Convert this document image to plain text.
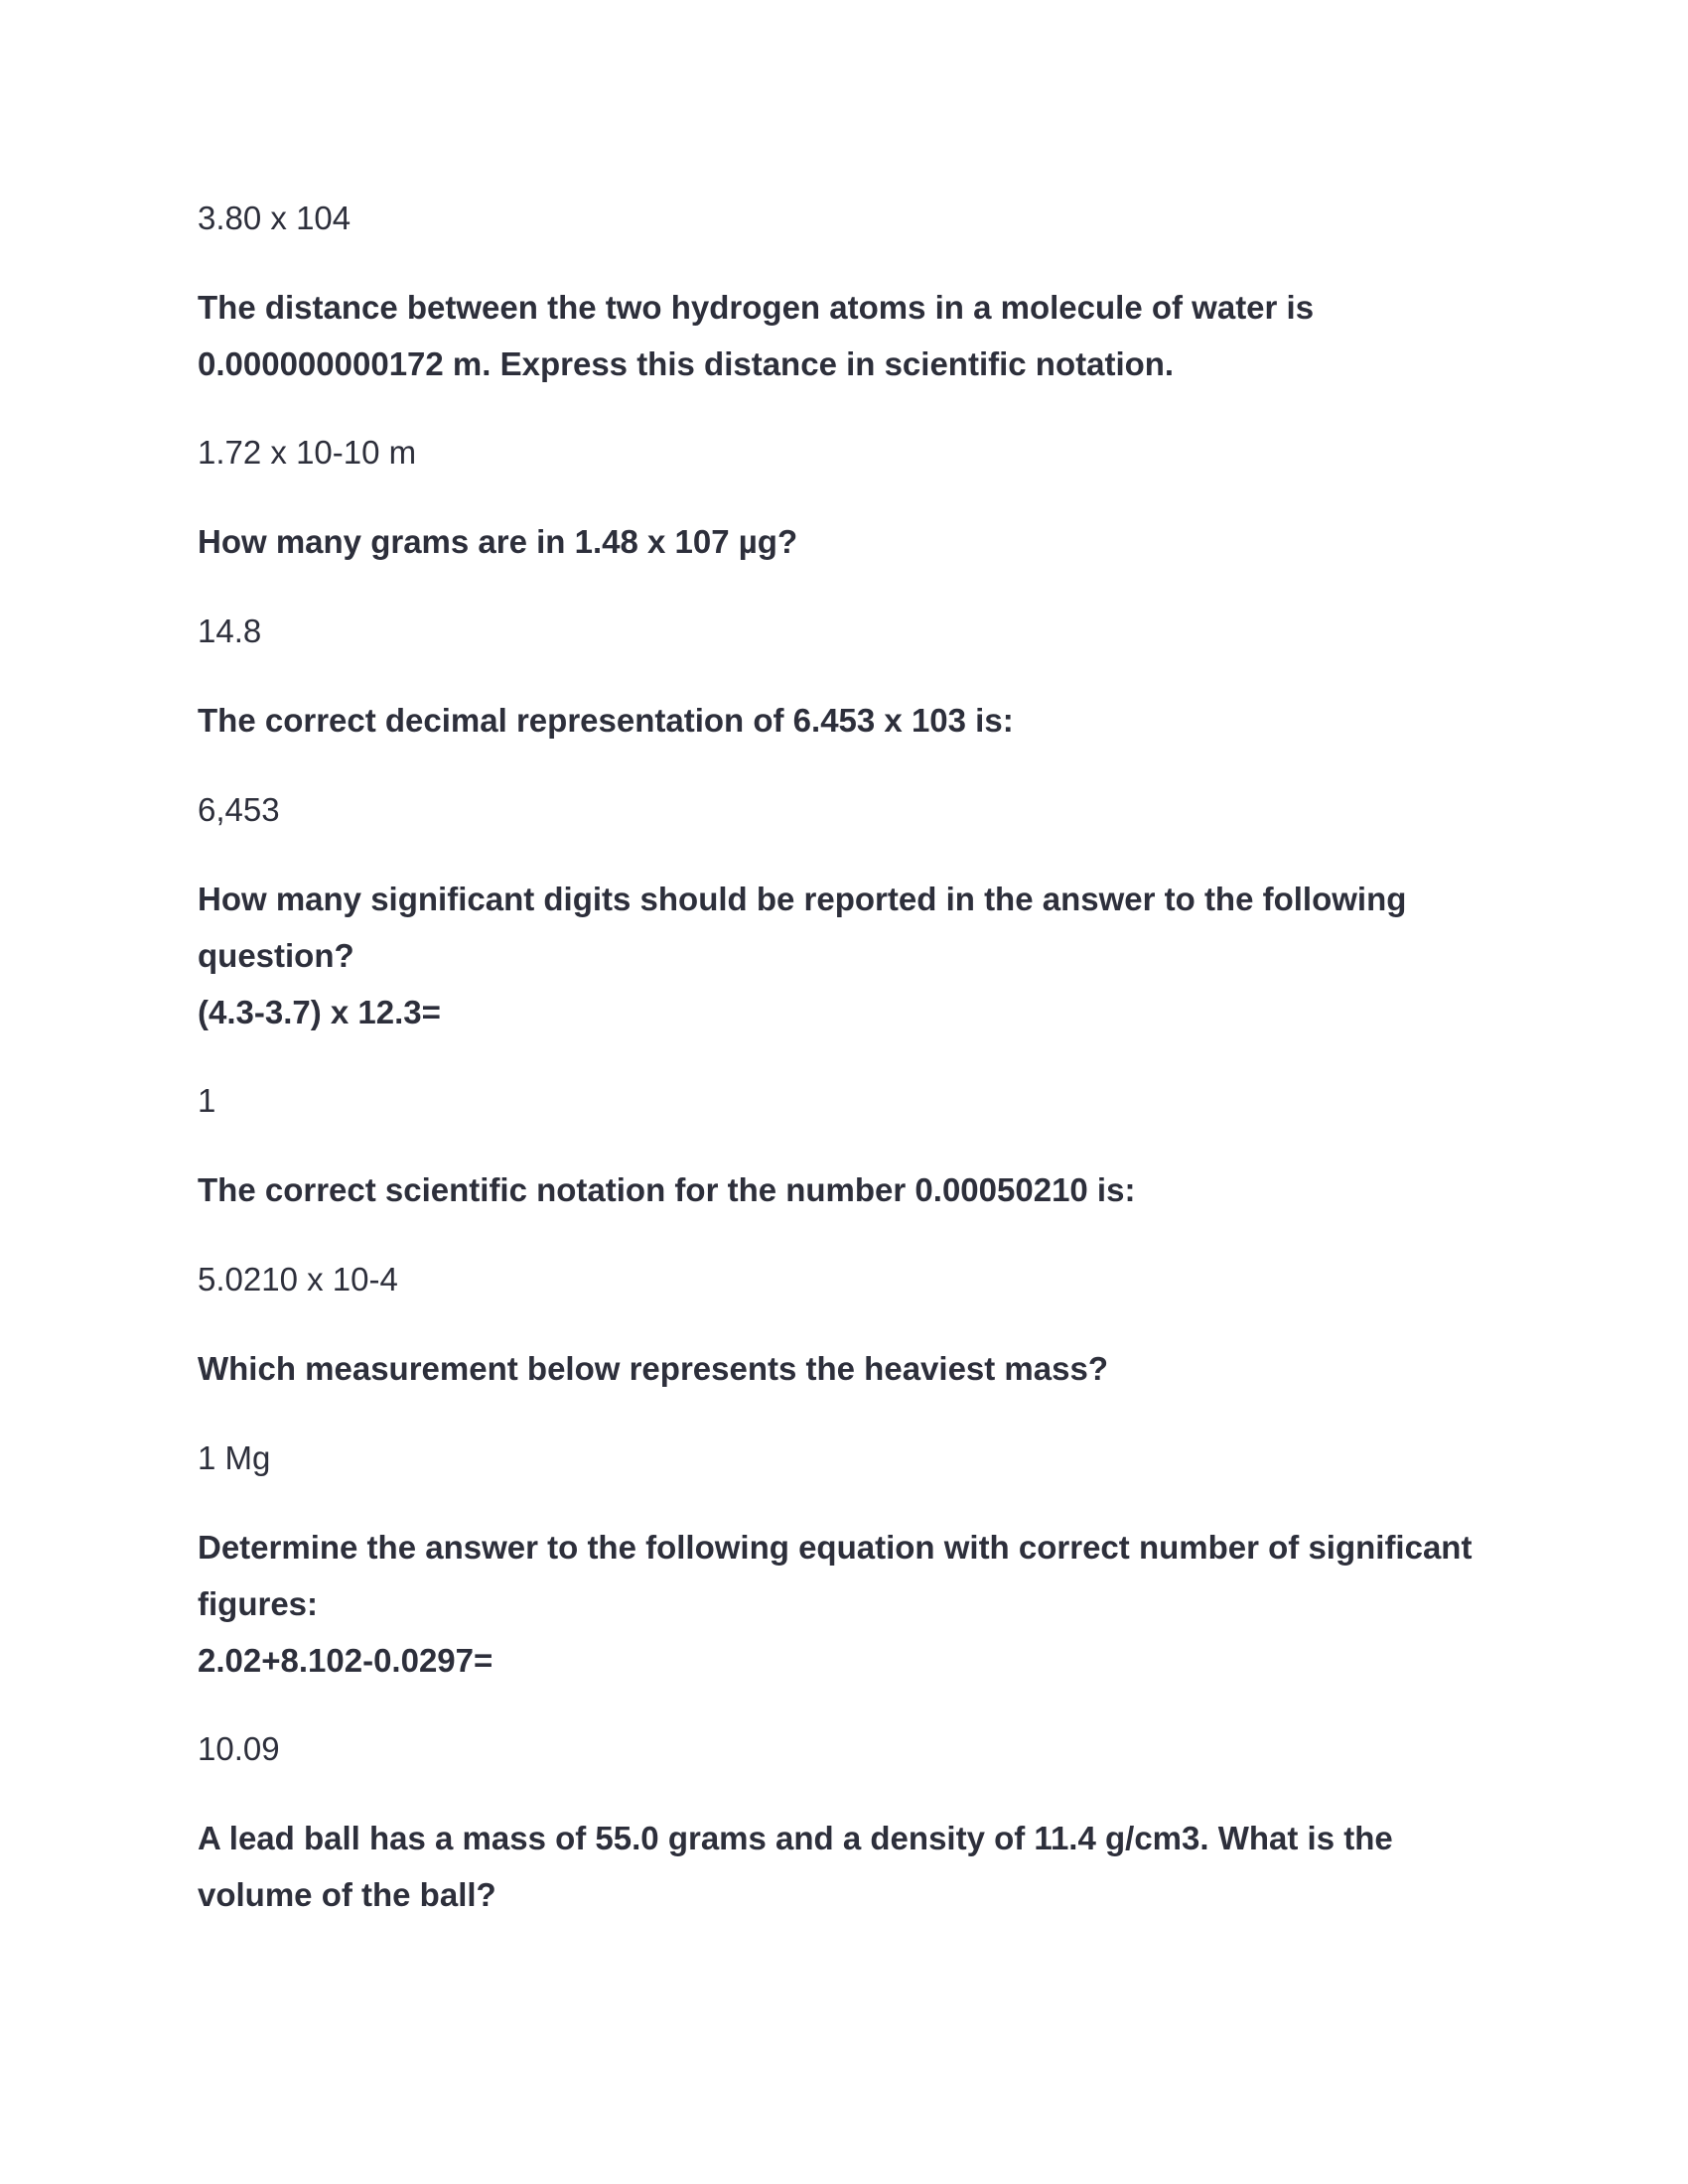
3.80 x 104
The distance between the two hydrogen atoms in a molecule of water is
0.000000000172 m. Express this distance in scientific notation.
1.72 x 10-10 m
How many grams are in 1.48 x 107 µg?
14.8
The correct decimal representation of 6.453 x 103 is:
6,453
How many significant digits should be reported in the answer to the following
question?
(4.3-3.7) x 12.3=
1
The correct scientific notation for the number 0.00050210 is:
5.0210 x 10-4
Which measurement below represents the heaviest mass?
1 Mg
Determine the answer to the following equation with correct number of significant
figures:
2.02+8.102-0.0297=
10.09
A lead ball has a mass of 55.0 grams and a density of 11.4 g/cm3. What is the
volume of the ball?
